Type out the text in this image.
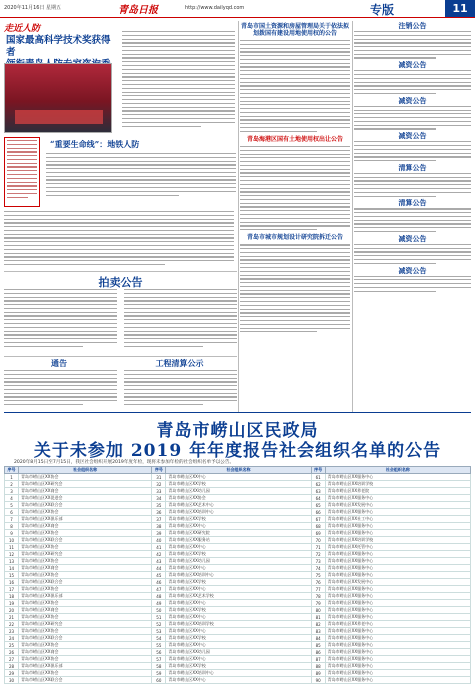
2020年11月16日 星期五	青岛日报	http://www.dailyqd.com	专版	11
走近人防
国家最高科学技术奖获得者
“重要生命线”：地铁人防
拍卖公告
通告	工程清算公示
青岛市国土资源和房屋管理局关于依法拟划拨国有建设用地使用权的公告
青岛海港区国有土地使用权出让公告
青岛市城市规划设计研究院拆迁公告
注销公告
减资公告
减资公告
减资公告
清算公告
清算公告
减资公告
减资公告
青岛市崂山区民政局
关于未参加 2019 年年度报告社会组织名单的公告
2020年8月15日至7月15日，我区社会组织开展2019年度年检，现将未参加年检的社会组织名单予以公告。
序号	社会组织名称	序号	社会组织名称	序号	社会组织名称
1	青岛市崂山区XX协会	31	青岛市崂山区XX中心	61	青岛市崂山区XX服务中心
2	青岛市崂山区XX研究会	32	青岛市崂山区XX学校	62	青岛市崂山区XX培训学校
3	青岛市崂山区XX商会	33	青岛市崂山区XX幼儿园	63	青岛市崂山区XX养老院
4	青岛市崂山区XX促进会	34	青岛市崂山区XX协会	64	青岛市崂山区XX服务中心
5	青岛市崂山区XX联合会	35	青岛市崂山区XX艺术中心	65	青岛市崂山区XX发展中心
6	青岛市崂山区XX协会	36	青岛市崂山区XX培训中心	66	青岛市崂山区XX服务中心
7	青岛市崂山区XX俱乐部	37	青岛市崂山区XX学校	67	青岛市崂山区XX社工中心
8	青岛市崂山区XX商会	38	青岛市崂山区XX中心	68	青岛市崂山区XX服务中心
9	青岛市崂山区XX协会	39	青岛市崂山区XX研究院	69	青岛市崂山区XX服务中心
10	青岛市崂山区XX联合会	40	青岛市崂山区XX服务站	70	青岛市崂山区XX培训学校
11	青岛市崂山区XX协会	41	青岛市崂山区XX中心	71	青岛市崂山区XX托管中心
12	青岛市崂山区XX研究会	42	青岛市崂山区XX学校	72	青岛市崂山区XX服务中心
13	青岛市崂山区XX协会	43	青岛市崂山区XX幼儿园	73	青岛市崂山区XX服务中心
14	青岛市崂山区XX商会	44	青岛市崂山区XX中心	74	青岛市崂山区XX服务中心
15	青岛市崂山区XX协会	45	青岛市崂山区XX培训中心	75	青岛市崂山区XX服务中心
16	青岛市崂山区XX联合会	46	青岛市崂山区XX学校	76	青岛市崂山区XX发展中心
17	青岛市崂山区XX协会	47	青岛市崂山区XX中心	77	青岛市崂山区XX服务中心
18	青岛市崂山区XX俱乐部	48	青岛市崂山区XX艺术学校	78	青岛市崂山区XX服务中心
19	青岛市崂山区XX协会	49	青岛市崂山区XX中心	79	青岛市崂山区XX服务中心
20	青岛市崂山区XX商会	50	青岛市崂山区XX学校	80	青岛市崂山区XX服务中心
21	青岛市崂山区XX协会	51	青岛市崂山区XX中心	81	青岛市崂山区XX服务中心
22	青岛市崂山区XX研究会	52	青岛市崂山区XX培训学校	82	青岛市崂山区XX养老中心
23	青岛市崂山区XX协会	53	青岛市崂山区XX中心	83	青岛市崂山区XX服务中心
24	青岛市崂山区XX联合会	54	青岛市崂山区XX学校	84	青岛市崂山区XX服务中心
25	青岛市崂山区XX协会	55	青岛市崂山区XX中心	85	青岛市崂山区XX服务中心
26	青岛市崂山区XX商会	56	青岛市崂山区XX幼儿园	86	青岛市崂山区XX服务中心
27	青岛市崂山区XX协会	57	青岛市崂山区XX中心	87	青岛市崂山区XX服务中心
28	青岛市崂山区XX俱乐部	58	青岛市崂山区XX学校	88	青岛市崂山区XX服务中心
29	青岛市崂山区XX协会	59	青岛市崂山区XX培训中心	89	青岛市崂山区XX服务中心
30	青岛市崂山区XX联合会	60	青岛市崂山区XX中心	90	青岛市崂山区XX服务中心
